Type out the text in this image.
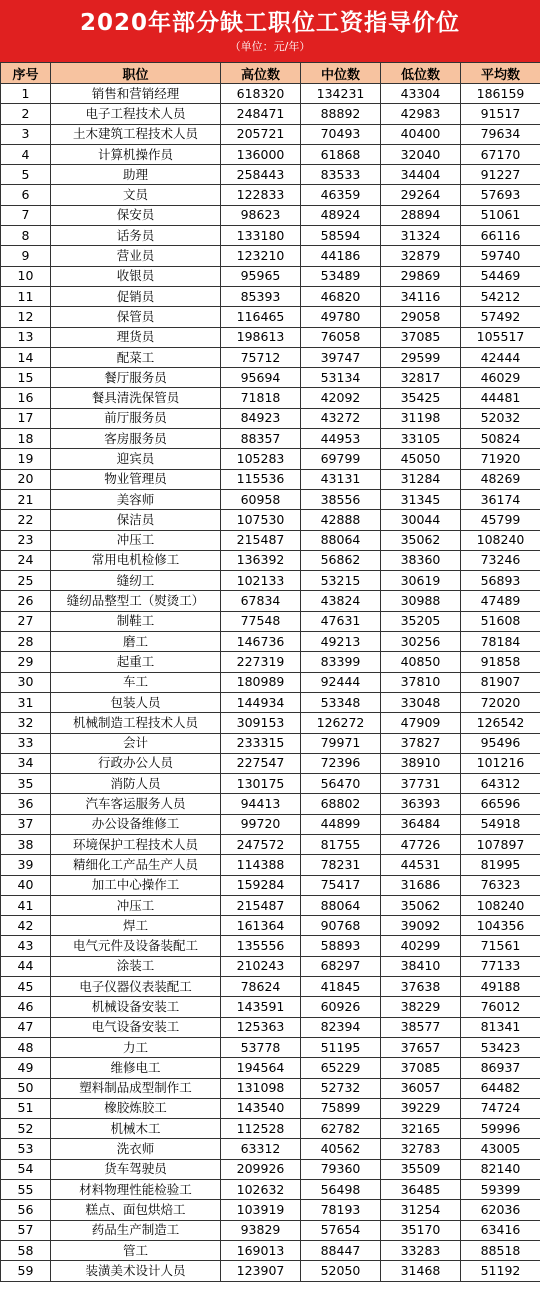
2020年部分缺工职位工资指导价位
（单位：元/年）
序号	职位	高位数	中位数	低位数	平均数
1	销售和营销经理	618320	134231	43304	186159
2	电子工程技术人员	248471	88892	42983	91517
3	土木建筑工程技术人员	205721	70493	40400	79634
4	计算机操作员	136000	61868	32040	67170
5	助理	258443	83533	34404	91227
6	文员	122833	46359	29264	57693
7	保安员	98623	48924	28894	51061
8	话务员	133180	58594	31324	66116
9	营业员	123210	44186	32879	59740
10	收银员	95965	53489	29869	54469
11	促销员	85393	46820	34116	54212
12	保管员	116465	49780	29058	57492
13	理货员	198613	76058	37085	105517
14	配菜工	75712	39747	29599	42444
15	餐厅服务员	95694	53134	32817	46029
16	餐具清洗保管员	71818	42092	35425	44481
17	前厅服务员	84923	43272	31198	52032
18	客房服务员	88357	44953	33105	50824
19	迎宾员	105283	69799	45050	71920
20	物业管理员	115536	43131	31284	48269
21	美容师	60958	38556	31345	36174
22	保洁员	107530	42888	30044	45799
23	冲压工	215487	88064	35062	108240
24	常用电机检修工	136392	56862	38360	73246
25	缝纫工	102133	53215	30619	56893
26	缝纫品整型工（熨烫工）	67834	43824	30988	47489
27	制鞋工	77548	47631	35205	51608
28	磨工	146736	49213	30256	78184
29	起重工	227319	83399	40850	91858
30	车工	180989	92444	37810	81907
31	包装人员	144934	53348	33048	72020
32	机械制造工程技术人员	309153	126272	47909	126542
33	会计	233315	79971	37827	95496
34	行政办公人员	227547	72396	38910	101216
35	消防人员	130175	56470	37731	64312
36	汽车客运服务人员	94413	68802	36393	66596
37	办公设备维修工	99720	44899	36484	54918
38	环境保护工程技术人员	247572	81755	47726	107897
39	精细化工产品生产人员	114388	78231	44531	81995
40	加工中心操作工	159284	75417	31686	76323
41	冲压工	215487	88064	35062	108240
42	焊工	161364	90768	39092	104356
43	电气元件及设备装配工	135556	58893	40299	71561
44	涂装工	210243	68297	38410	77133
45	电子仪器仪表装配工	78624	41845	37638	49188
46	机械设备安装工	143591	60926	38229	76012
47	电气设备安装工	125363	82394	38577	81341
48	力工	53778	51195	37657	53423
49	维修电工	194564	65229	37085	86937
50	塑料制品成型制作工	131098	52732	36057	64482
51	橡胶炼胶工	143540	75899	39229	74724
52	机械木工	112528	62782	32165	59996
53	洗衣师	63312	40562	32783	43005
54	货车驾驶员	209926	79360	35509	82140
55	材料物理性能检验工	102632	56498	36485	59399
56	糕点、面包烘焙工	103919	78193	31254	62036
57	药品生产制造工	93829	57654	35170	63416
58	管工	169013	88447	33283	88518
59	装潢美术设计人员	123907	52050	31468	51192
